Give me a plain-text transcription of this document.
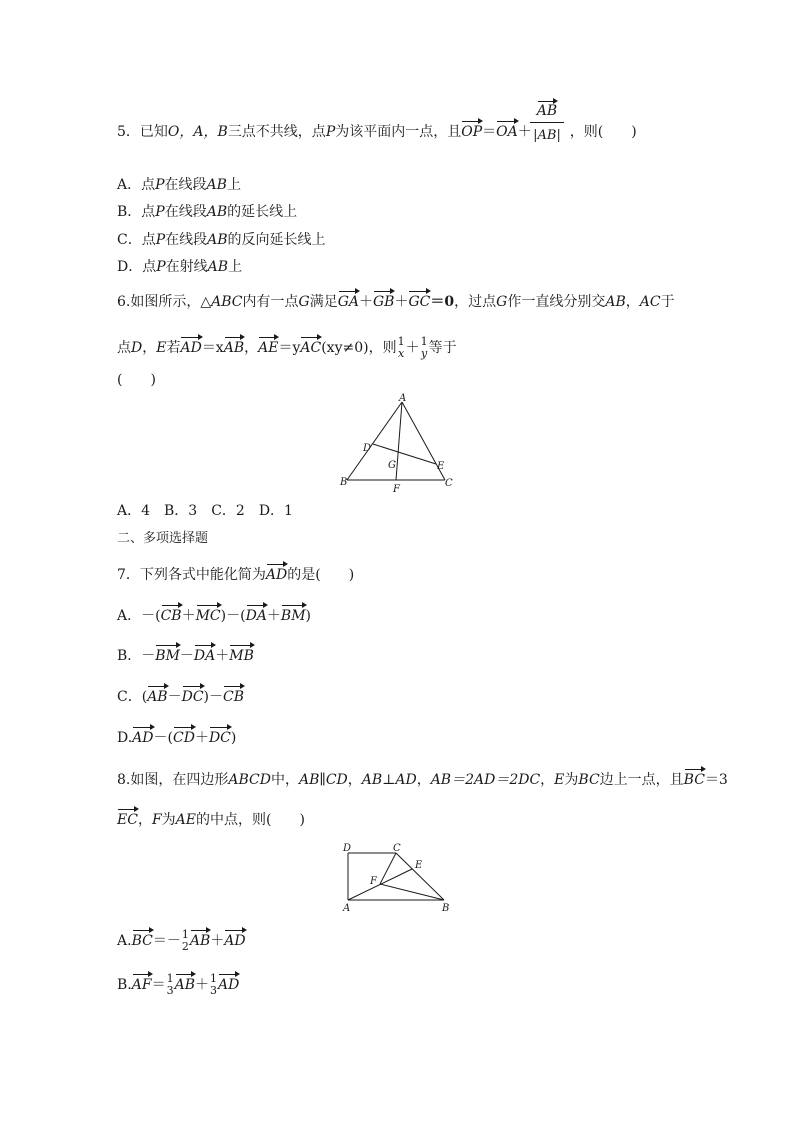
AB
|AB|
5．已知O，A，B三点不共线，点P为该平面内一点，且OP＝OA＋	，则(　　)
A．点P在线段AB上
B．点P在线段AB的延长线上
C．点P在线段AB的反向延长线上
D．点P在射线AB上
6.如图所示，△ABC内有一点G满足GA＋GB＋GC＝0，过点G作一直线分别交AB，AC于
点D，E若AD＝xAB，AE＝yAC(xy≠0)，则 1
x ＋ 1
y 等于
(　　)
A
B	C
D
E
F
G
A．4　B．3　C．2　D．1
二、多项选择题
7．下列各式中能化简为AD的是(　　)
A．－(CB＋MC)－(DA＋BM)
B．－BM－DA＋MB
C．(AB－DC)－CB
D.AD－(CD＋DC)
8.如图，在四边形ABCD中，AB∥CD，AB⊥AD，AB＝2AD＝2DC，E为BC边上一点，且BC＝3
EC，F为AE的中点，则(　　)
D	C
E
F
A	B
A.BC＝－ 1
2 AB＋AD
B.AF＝ 1
3 AB＋ 1
3 AD
